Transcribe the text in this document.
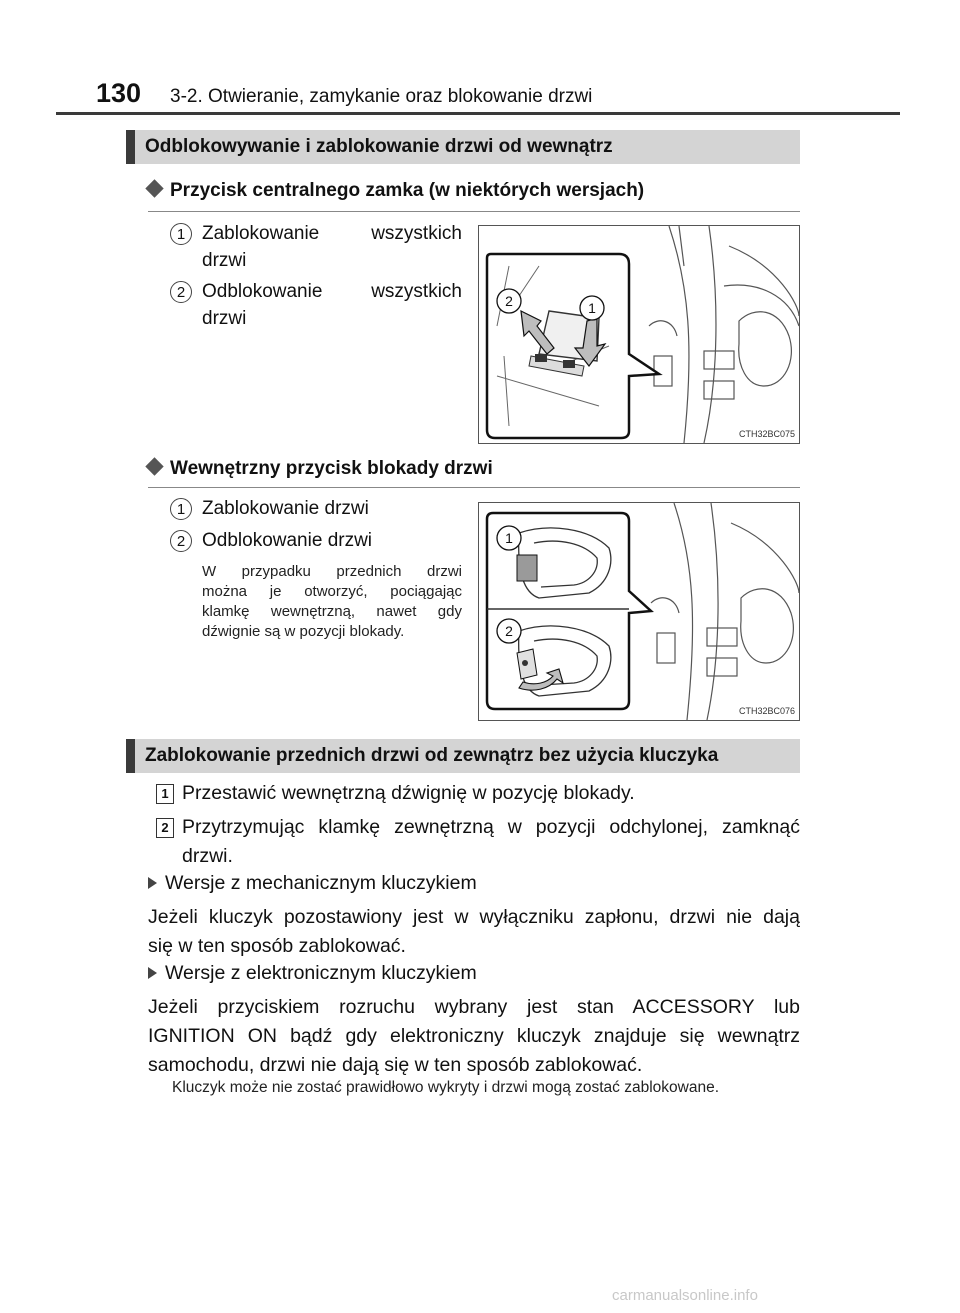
130 3-2. Otwieranie, zamykanie oraz blokowanie drzwi
Odblokowywanie i zablokowanie drzwi od wewnątrz
Przycisk centralnego zamka (w niektórych wersjach)
1 Zablokowanie wszystkich
drzwi
2 Odblokowanie wszystkich
drzwi
2	1
CTH32BC075
Wewnętrzny przycisk blokady drzwi
1 Zablokowanie drzwi
2 Odblokowanie drzwi
W przypadku przednich drzwi
można je otworzyć, pociągając
klamkę wewnętrzną, nawet gdy
dźwignie są w pozycji blokady.
1
2
CTH32BC076
Zablokowanie przednich drzwi od zewnątrz bez użycia kluczyka
1 Przestawić wewnętrzną dźwignię w pozycję blokady.
2 Przytrzymując klamkę zewnętrzną w pozycji odchylonej, zamknąć
drzwi.
Wersje z mechanicznym kluczykiem
Jeżeli kluczyk pozostawiony jest w wyłączniku zapłonu, drzwi nie dają
się w ten sposób zablokować.
Wersje z elektronicznym kluczykiem
Jeżeli przyciskiem rozruchu wybrany jest stan ACCESSORY lub
IGNITION ON bądź gdy elektroniczny kluczyk znajduje się wewnątrz
samochodu, drzwi nie dają się w ten sposób zablokować.
Kluczyk może nie zostać prawidłowo wykryty i drzwi mogą zostać zablokowane.
carmanualsonline.info
